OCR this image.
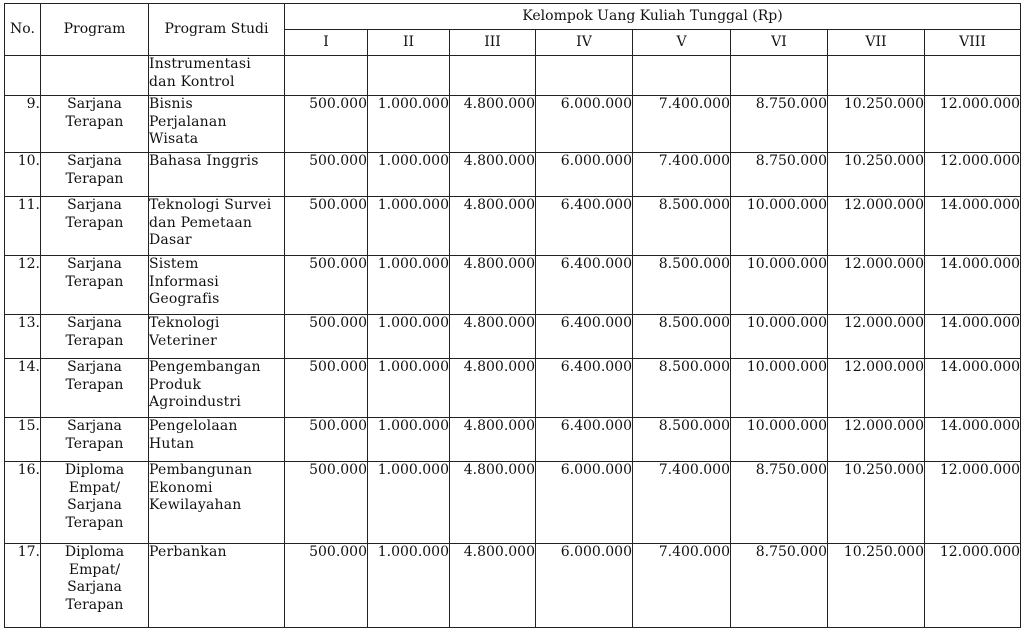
No.	Program	Program Studi	Kelompok Uang Kuliah Tunggal (Rp)							
			I	II	III	IV	V	VI	VII	VIII

		Instrumentasi
dan Kontrol								

9.	Sarjana
Terapan	Bisnis
Perjalanan
Wisata	500.000	1.000.000	4.800.000	6.000.000	7.400.000	8.750.000	10.250.000	12.000.000
10.	Sarjana
Terapan	Bahasa Inggris	500.000	1.000.000	4.800.000	6.000.000	7.400.000	8.750.000	10.250.000	12.000.000
11.	Sarjana
Terapan	Teknologi Survei
dan Pemetaan
Dasar	500.000	1.000.000	4.800.000	6.400.000	8.500.000	10.000.000	12.000.000	14.000.000
12.	Sarjana
Terapan	Sistem
Informasi
Geografis	500.000	1.000.000	4.800.000	6.400.000	8.500.000	10.000.000	12.000.000	14.000.000
13.	Sarjana
Terapan	Teknologi
Veteriner	500.000	1.000.000	4.800.000	6.400.000	8.500.000	10.000.000	12.000.000	14.000.000
14.	Sarjana
Terapan	Pengembangan
Produk
Agroindustri	500.000	1.000.000	4.800.000	6.400.000	8.500.000	10.000.000	12.000.000	14.000.000
15.	Sarjana
Terapan	Pengelolaan
Hutan	500.000	1.000.000	4.800.000	6.400.000	8.500.000	10.000.000	12.000.000	14.000.000
16.	Diploma
Empat/
Sarjana
Terapan	Pembangunan
Ekonomi
Kewilayahan	500.000	1.000.000	4.800.000	6.000.000	7.400.000	8.750.000	10.250.000	12.000.000
17.	Diploma
Empat/
Sarjana
Terapan	Perbankan	500.000	1.000.000	4.800.000	6.000.000	7.400.000	8.750.000	10.250.000	12.000.000
